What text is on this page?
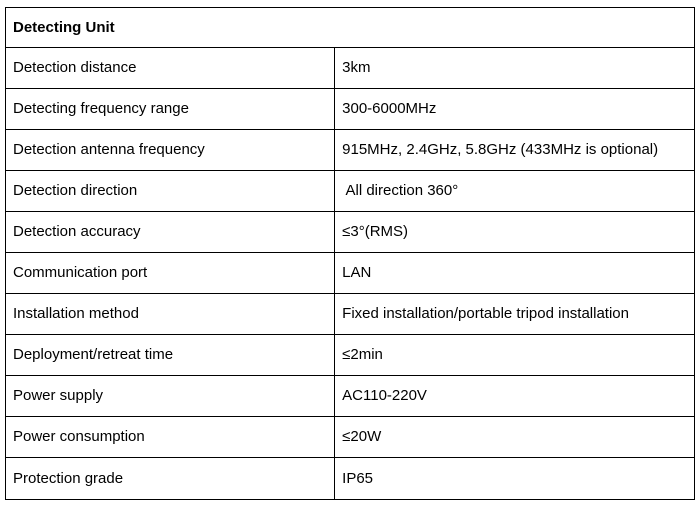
Detecting Unit	
Detection distance	3km
Detecting frequency range	300-6000MHz
Detection antenna frequency	915MHz, 2.4GHz, 5.8GHz (433MHz is optional)
Detection direction	All direction 360°
Detection accuracy	≤3°(RMS)
Communication port	LAN
Installation method	Fixed installation/portable tripod installation
Deployment/retreat time	≤2min
Power supply	AC110-220V
Power consumption	≤20W
Protection grade	IP65
